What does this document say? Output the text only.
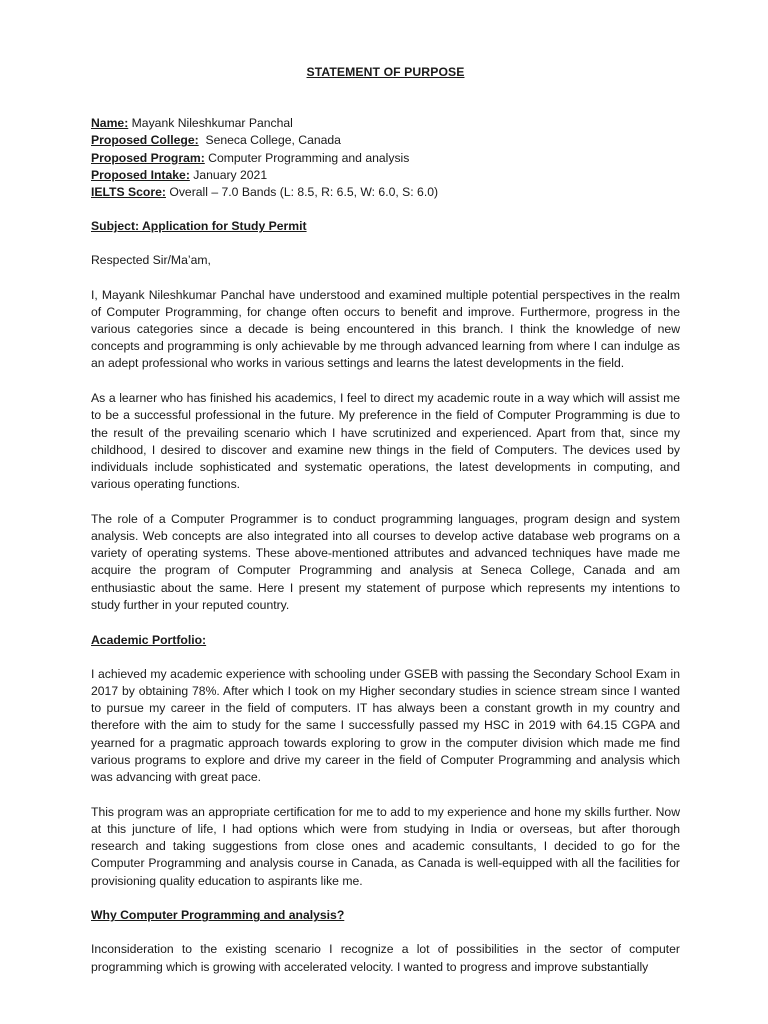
STATEMENT OF PURPOSE
Name: Mayank Nileshkumar Panchal
Proposed College:  Seneca College, Canada
Proposed Program: Computer Programming and analysis
Proposed Intake: January 2021
IELTS Score: Overall – 7.0 Bands (L: 8.5, R: 6.5, W: 6.0, S: 6.0)
Subject: Application for Study Permit
Respected Sir/Ma’am,

I, Mayank Nileshkumar Panchal have understood and examined multiple potential perspectives in the realm of Computer Programming, for change often occurs to benefit and improve. Furthermore, progress in the various categories since a decade is being encountered in this branch. I think the knowledge of new concepts and programming is only achievable by me through advanced learning from where I can indulge as an adept professional who works in various settings and learns the latest developments in the field.

As a learner who has finished his academics, I feel to direct my academic route in a way which will assist me to be a successful professional in the future. My preference in the field of Computer Programming is due to the result of the prevailing scenario which I have scrutinized and experienced. Apart from that, since my childhood, I desired to discover and examine new things in the field of Computers. The devices used by individuals include sophisticated and systematic operations, the latest developments in computing, and various operating functions.

The role of a Computer Programmer is to conduct programming languages, program design and system analysis. Web concepts are also integrated into all courses to develop active database web programs on a variety of operating systems. These above-mentioned attributes and advanced techniques have made me acquire the program of Computer Programming and analysis at Seneca College, Canada and am enthusiastic about the same. Here I present my statement of purpose which represents my intentions to study further in your reputed country.

Academic Portfolio:

I achieved my academic experience with schooling under GSEB with passing the Secondary School Exam in 2017 by obtaining 78%. After which I took on my Higher secondary studies in science stream since I wanted to pursue my career in the field of computers. IT has always been a constant growth in my country and therefore with the aim to study for the same I successfully passed my HSC in 2019 with 64.15 CGPA and yearned for a pragmatic approach towards exploring to grow in the computer division which made me find various programs to explore and drive my career in the field of Computer Programming and analysis which was advancing with great pace.

This program was an appropriate certification for me to add to my experience and hone my skills further. Now at this juncture of life, I had options which were from studying in India or overseas, but after thorough research and taking suggestions from close ones and academic consultants, I decided to go for the Computer Programming and analysis course in Canada, as Canada is well-equipped with all the facilities for provisioning quality education to aspirants like me.

Why Computer Programming and analysis?

Inconsideration to the existing scenario I recognize a lot of possibilities in the sector of computer programming which is growing with accelerated velocity. I wanted to progress and improve substantially
